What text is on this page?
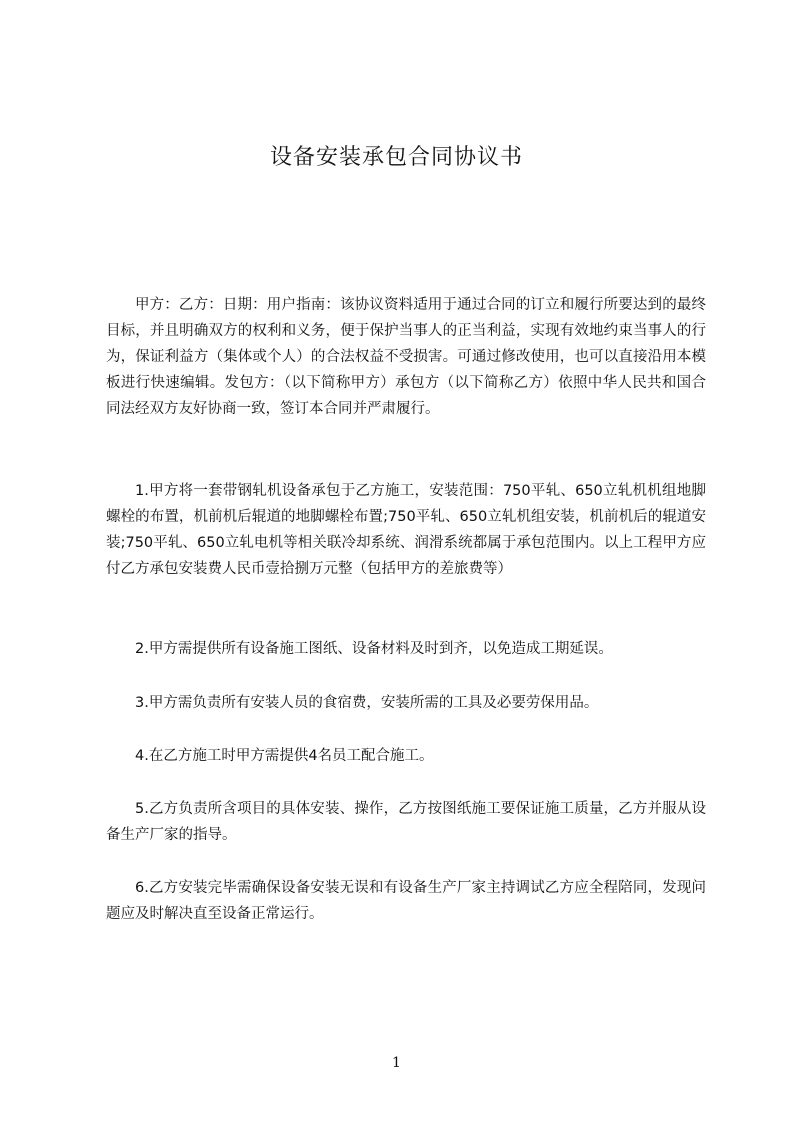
设备安装承包合同协议书

甲方：乙方：日期：用户指南：该协议资料适用于通过合同的订立和履行所要达到的最终目标，并且明确双方的权利和义务，便于保护当事人的正当利益，实现有效地约束当事人的行为，保证利益方（集体或个人）的合法权益不受损害。可通过修改使用，也可以直接沿用本模板进行快速编辑。发包方：（以下简称甲方）承包方（以下简称乙方）依照中华人民共和国合同法经双方友好协商一致，签订本合同并严肃履行。

1.甲方将一套带钢轧机设备承包于乙方施工，安装范围：750平轧、650立轧机机组地脚螺栓的布置，机前机后辊道的地脚螺栓布置;750平轧、650立轧机组安装，机前机后的辊道安装;750平轧、650立轧电机等相关联冷却系统、润滑系统都属于承包范围内。以上工程甲方应付乙方承包安装费人民币壹拾捌万元整（包括甲方的差旅费等）

2.甲方需提供所有设备施工图纸、设备材料及时到齐，以免造成工期延误。

3.甲方需负责所有安装人员的食宿费，安装所需的工具及必要劳保用品。

4.在乙方施工时甲方需提供4名员工配合施工。

5.乙方负责所含项目的具体安装、操作，乙方按图纸施工要保证施工质量，乙方并服从设备生产厂家的指导。

6.乙方安装完毕需确保设备安装无误和有设备生产厂家主持调试乙方应全程陪同，发现问题应及时解决直至设备正常运行。

1
